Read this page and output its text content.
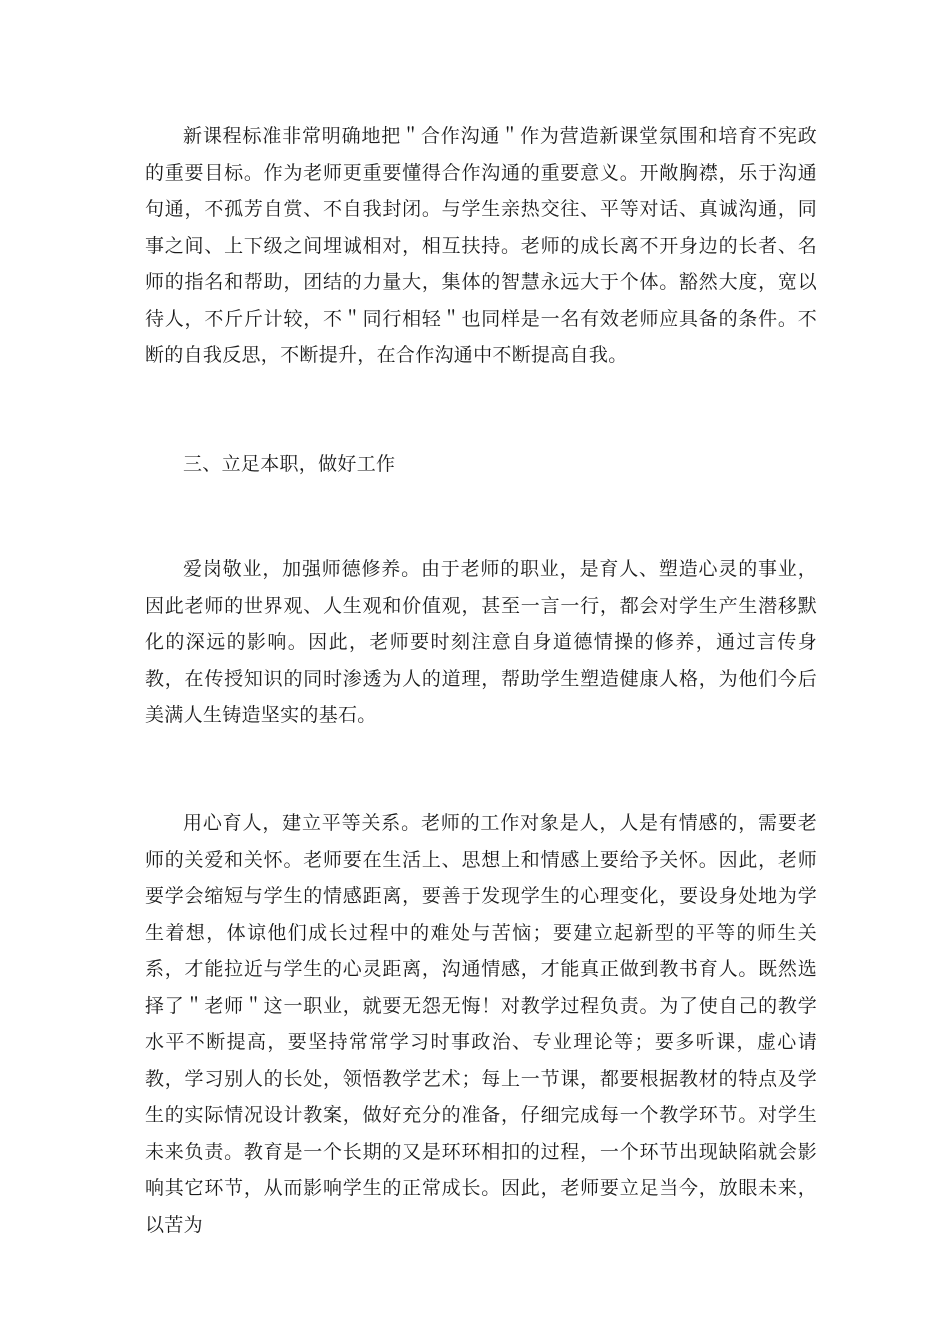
新课程标准非常明确地把＂合作沟通＂作为营造新课堂氛围和培育不宪政的重要目标。作为老师更重要懂得合作沟通的重要意义。开敞胸襟，乐于沟通句通，不孤芳自赏、不自我封闭。与学生亲热交往、平等对话、真诚沟通，同事之间、上下级之间埋诚相对，相互扶持。老师的成长离不开身边的长者、名师的指名和帮助，团结的力量大，集体的智慧永远大于个体。豁然大度，宽以待人，不斤斤计较，不＂同行相轻＂也同样是一名有效老师应具备的条件。不断的自我反思，不断提升，在合作沟通中不断提高自我。

三、立足本职，做好工作

爱岗敬业，加强师德修养。由于老师的职业，是育人、塑造心灵的事业，因此老师的世界观、人生观和价值观，甚至一言一行，都会对学生产生潜移默化的深远的影响。因此，老师要时刻注意自身道德情操的修养，通过言传身教，在传授知识的同时渗透为人的道理，帮助学生塑造健康人格，为他们今后美满人生铸造坚实的基石。

用心育人，建立平等关系。老师的工作对象是人，人是有情感的，需要老师的关爱和关怀。老师要在生活上、思想上和情感上要给予关怀。因此，老师要学会缩短与学生的情感距离，要善于发现学生的心理变化，要设身处地为学生着想，体谅他们成长过程中的难处与苦恼；要建立起新型的平等的师生关系，才能拉近与学生的心灵距离，沟通情感，才能真正做到教书育人。既然选择了＂老师＂这一职业，就要无怨无悔！对教学过程负责。为了使自己的教学水平不断提高，要坚持常常学习时事政治、专业理论等；要多听课，虚心请教，学习别人的长处，领悟教学艺术；每上一节课，都要根据教材的特点及学生的实际情况设计教案，做好充分的准备，仔细完成每一个教学环节。对学生未来负责。教育是一个长期的又是环环相扣的过程，一个环节出现缺陷就会影响其它环节，从而影响学生的正常成长。因此，老师要立足当今，放眼未来，以苦为
